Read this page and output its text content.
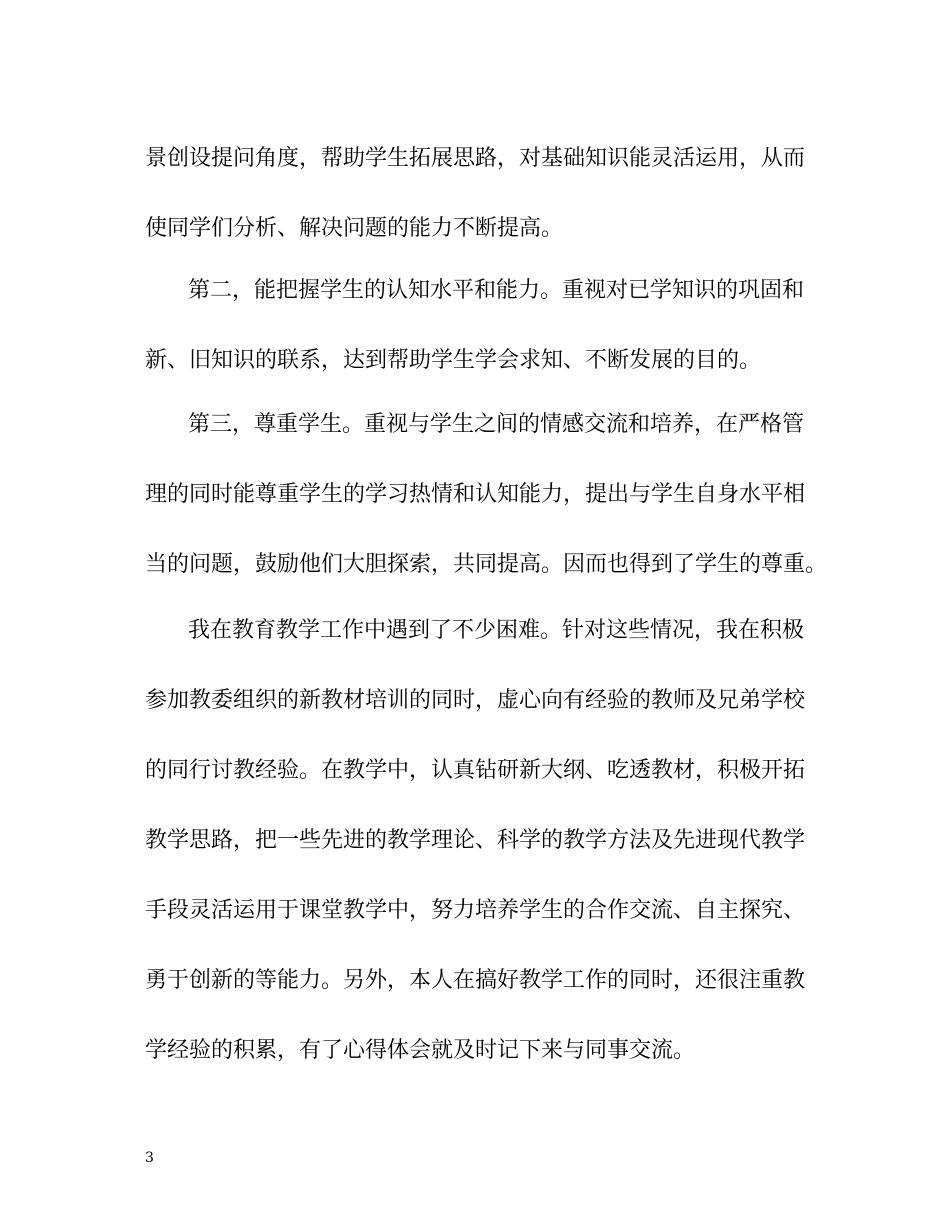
景创设提问角度，帮助学生拓展思路，对基础知识能灵活运用，从而

使同学们分析、解决问题的能力不断提高。

第二，能把握学生的认知水平和能力。重视对已学知识的巩固和

新、旧知识的联系，达到帮助学生学会求知、不断发展的目的。

第三，尊重学生。重视与学生之间的情感交流和培养，在严格管

理的同时能尊重学生的学习热情和认知能力，提出与学生自身水平相

当的问题，鼓励他们大胆探索，共同提高。因而也得到了学生的尊重。

我在教育教学工作中遇到了不少困难。针对这些情况，我在积极

参加教委组织的新教材培训的同时，虚心向有经验的教师及兄弟学校

的同行讨教经验。在教学中，认真钻研新大纲、吃透教材，积极开拓

教学思路，把一些先进的教学理论、科学的教学方法及先进现代教学

手段灵活运用于课堂教学中，努力培养学生的合作交流、自主探究、

勇于创新的等能力。另外，本人在搞好教学工作的同时，还很注重教

学经验的积累，有了心得体会就及时记下来与同事交流。

3
